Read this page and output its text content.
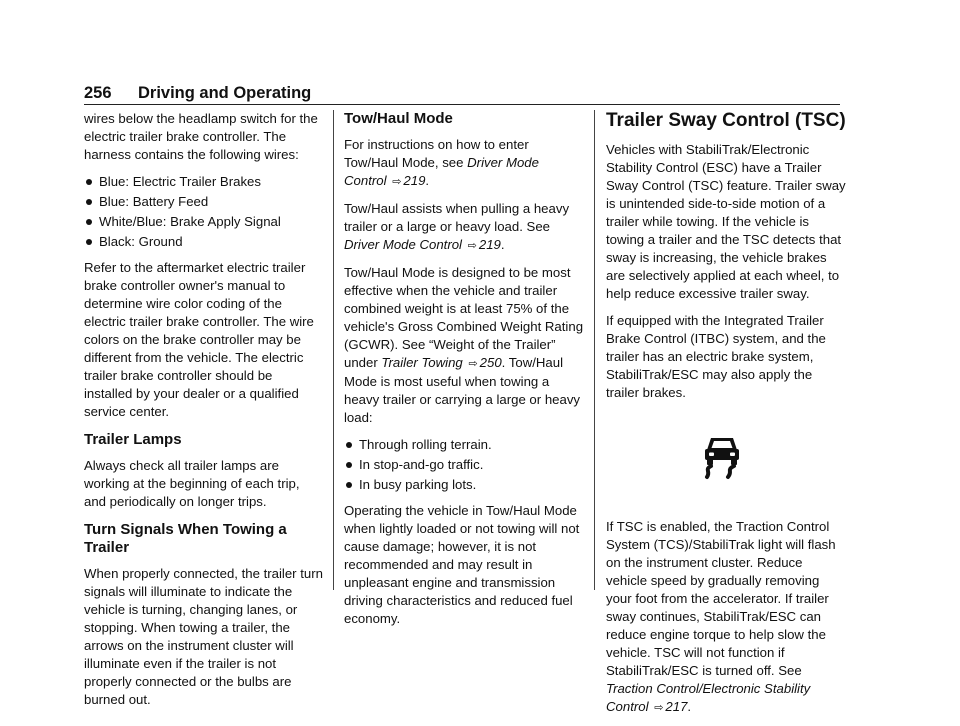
256 Driving and Operating

wires below the headlamp switch for the electric trailer brake controller. The harness contains the following wires:

Blue: Electric Trailer Brakes
Blue: Battery Feed
White/Blue: Brake Apply Signal
Black: Ground

Refer to the aftermarket electric trailer brake controller owner's manual to determine wire color coding of the electric trailer brake controller. The wire colors on the brake controller may be different from the vehicle. The electric trailer brake controller should be installed by your dealer or a qualified service center.

Trailer Lamps

Always check all trailer lamps are working at the beginning of each trip, and periodically on longer trips.

Turn Signals When Towing a Trailer

When properly connected, the trailer turn signals will illuminate to indicate the vehicle is turning, changing lanes, or stopping. When towing a trailer, the arrows on the instrument cluster will illuminate even if the trailer is not properly connected or the bulbs are burned out.

Tow/Haul Mode

For instructions on how to enter Tow/Haul Mode, see Driver Mode Control ⇨ 219.

Tow/Haul assists when pulling a heavy trailer or a large or heavy load. See Driver Mode Control ⇨ 219.

Tow/Haul Mode is designed to be most effective when the vehicle and trailer combined weight is at least 75% of the vehicle's Gross Combined Weight Rating (GCWR). See “Weight of the Trailer” under Trailer Towing ⇨ 250. Tow/Haul Mode is most useful when towing a heavy trailer or carrying a large or heavy load:

Through rolling terrain.
In stop-and-go traffic.
In busy parking lots.

Operating the vehicle in Tow/Haul Mode when lightly loaded or not towing will not cause damage; however, it is not recommended and may result in unpleasant engine and transmission driving characteristics and reduced fuel economy.

Trailer Sway Control (TSC)

Vehicles with StabiliTrak/Electronic Stability Control (ESC) have a Trailer Sway Control (TSC) feature. Trailer sway is unintended side-to-side motion of a trailer while towing. If the vehicle is towing a trailer and the TSC detects that sway is increasing, the vehicle brakes are selectively applied at each wheel, to help reduce excessive trailer sway.

If equipped with the Integrated Trailer Brake Control (ITBC) system, and the trailer has an electric brake system, StabiliTrak/ESC may also apply the trailer brakes.

If TSC is enabled, the Traction Control System (TCS)/StabiliTrak light will flash on the instrument cluster. Reduce vehicle speed by gradually removing your foot from the accelerator. If trailer sway continues, StabiliTrak/ESC can reduce engine torque to help slow the vehicle. TSC will not function if StabiliTrak/ESC is turned off. See Traction Control/Electronic Stability Control ⇨ 217.
